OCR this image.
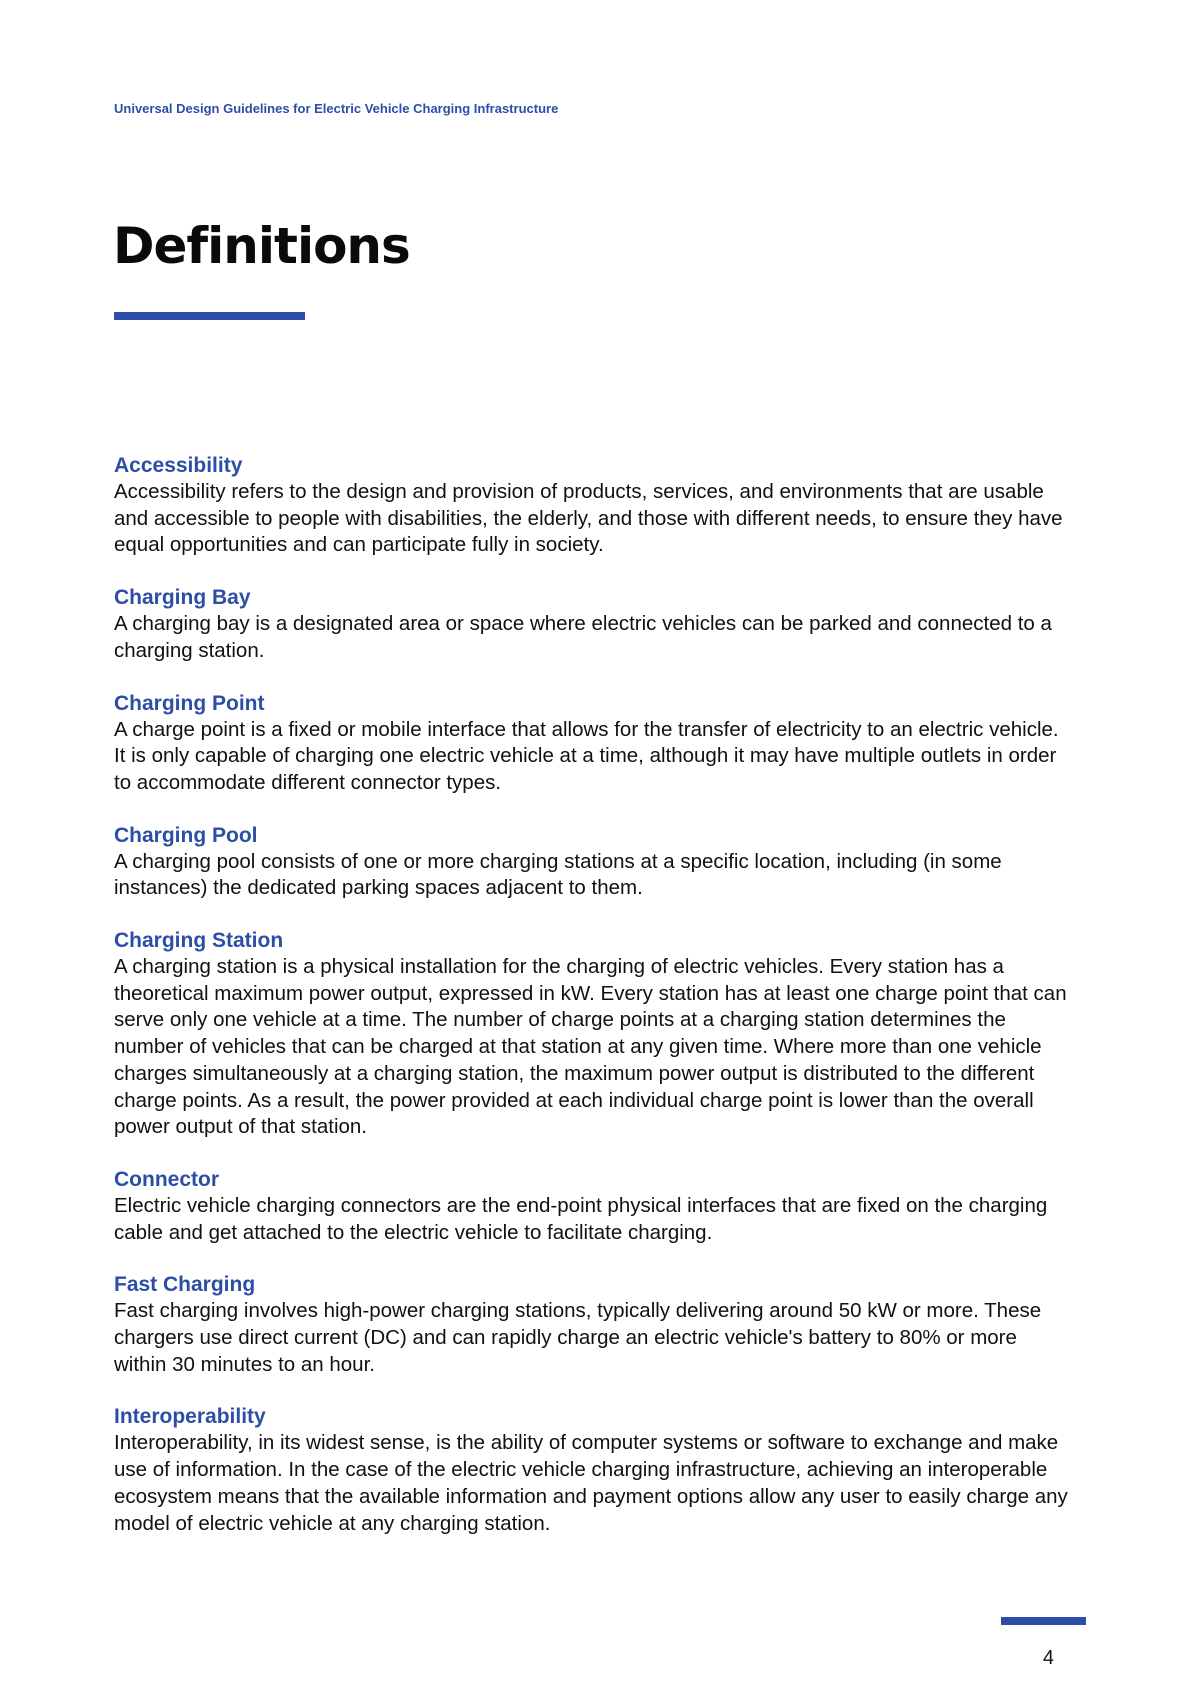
Universal Design Guidelines for Electric Vehicle Charging Infrastructure
Definitions

Accessibility

Accessibility refers to the design and provision of products, services, and environments that are usable and accessible to people with disabilities, the elderly, and those with different needs, to ensure they have equal opportunities and can participate fully in society.

Charging Bay

A charging bay is a designated area or space where electric vehicles can be parked and connected to a charging station.

Charging Point

A charge point is a fixed or mobile interface that allows for the transfer of electricity to an electric vehicle. It is only capable of charging one electric vehicle at a time, although it may have multiple outlets in order to accommodate different connector types.

Charging Pool

A charging pool consists of one or more charging stations at a specific location, including (in some instances) the dedicated parking spaces adjacent to them.

Charging Station

A charging station is a physical installation for the charging of electric vehicles. Every station has a theoretical maximum power output, expressed in kW. Every station has at least one charge point that can serve only one vehicle at a time. The number of charge points at a charging station determines the number of vehicles that can be charged at that station at any given time. Where more than one vehicle charges simultaneously at a charging station, the maximum power output is distributed to the different charge points. As a result, the power provided at each individual charge point is lower than the overall power output of that station.

Connector

Electric vehicle charging connectors are the end-point physical interfaces that are fixed on the charging cable and get attached to the electric vehicle to facilitate charging.

Fast Charging

Fast charging involves high-power charging stations, typically delivering around 50 kW or more. These chargers use direct current (DC) and can rapidly charge an electric vehicle's battery to 80% or more within 30 minutes to an hour.

Interoperability

Interoperability, in its widest sense, is the ability of computer systems or software to exchange and make use of information. In the case of the electric vehicle charging infrastructure, achieving an interoperable ecosystem means that the available information and payment options allow any user to easily charge any model of electric vehicle at any charging station.

4
